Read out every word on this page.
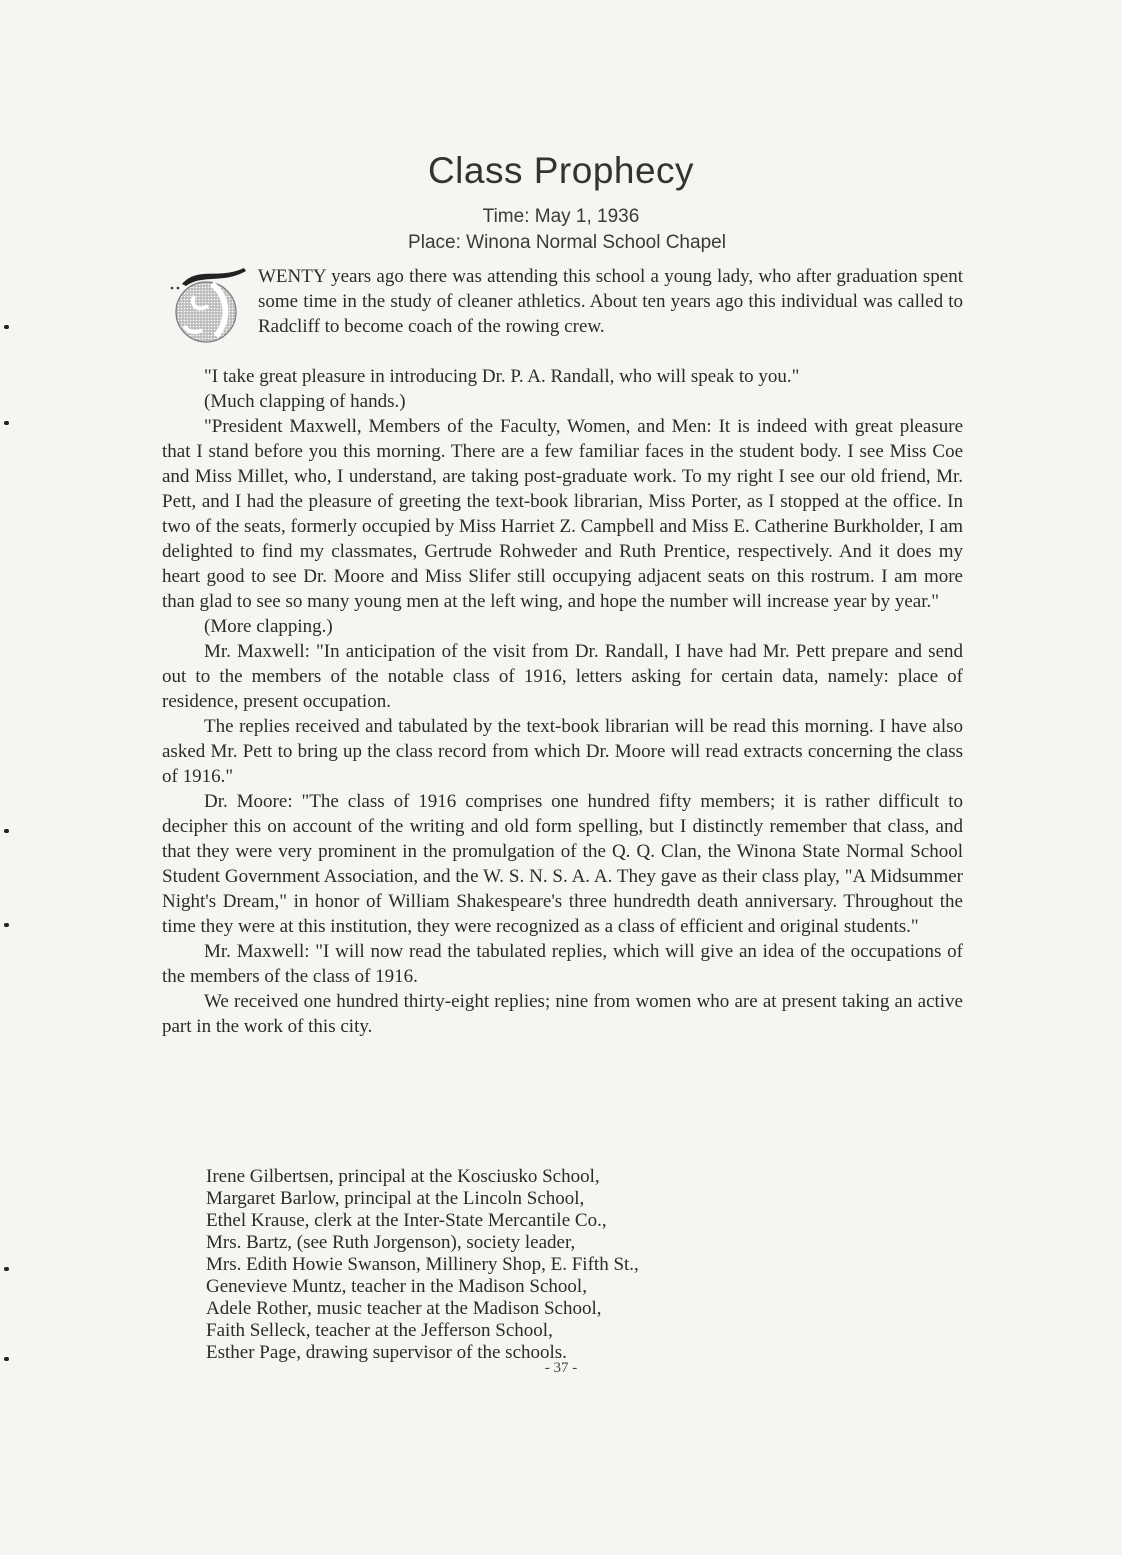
Class Prophecy
Time: May 1, 1936
Place: Winona Normal School Chapel
WENTY years ago there was attending this school a young lady, who after graduation spent some time in the study of cleaner athletics. About ten years ago this individual was called to Radcliff to become coach of the rowing crew.

"I take great pleasure in introducing Dr. P. A. Randall, who will speak to you."

(Much clapping of hands.)

"President Maxwell, Members of the Faculty, Women, and Men: It is indeed with great pleasure that I stand before you this morning. There are a few familiar faces in the student body. I see Miss Coe and Miss Millet, who, I understand, are taking post-graduate work. To my right I see our old friend, Mr. Pett, and I had the pleasure of greeting the text-book librarian, Miss Porter, as I stopped at the office. In two of the seats, formerly occupied by Miss Harriet Z. Campbell and Miss E. Catherine Burkholder, I am delighted to find my classmates, Gertrude Rohweder and Ruth Prentice, respectively. And it does my heart good to see Dr. Moore and Miss Slifer still occupying adjacent seats on this rostrum. I am more than glad to see so many young men at the left wing, and hope the number will increase year by year."

(More clapping.)

Mr. Maxwell: "In anticipation of the visit from Dr. Randall, I have had Mr. Pett prepare and send out to the members of the notable class of 1916, letters asking for certain data, namely: place of residence, present occupation.

The replies received and tabulated by the text-book librarian will be read this morning. I have also asked Mr. Pett to bring up the class record from which Dr. Moore will read extracts concerning the class of 1916."

Dr. Moore: "The class of 1916 comprises one hundred fifty members; it is rather difficult to decipher this on account of the writing and old form spelling, but I distinctly remember that class, and that they were very prominent in the promulgation of the Q. Q. Clan, the Winona State Normal School Student Government Association, and the W. S. N. S. A. A. They gave as their class play, "A Midsummer Night's Dream," in honor of William Shakespeare's three hundredth death anniversary. Throughout the time they were at this institution, they were recognized as a class of efficient and original students."

Mr. Maxwell: "I will now read the tabulated replies, which will give an idea of the occupations of the members of the class of 1916.

We received one hundred thirty-eight replies; nine from women who are at present taking an active part in the work of this city.

Irene Gilbertsen, principal at the Kosciusko School,
Margaret Barlow, principal at the Lincoln School,
Ethel Krause, clerk at the Inter-State Mercantile Co.,
Mrs. Bartz, (see Ruth Jorgenson), society leader,
Mrs. Edith Howie Swanson, Millinery Shop, E. Fifth St.,
Genevieve Muntz, teacher in the Madison School,
Adele Rother, music teacher at the Madison School,
Faith Selleck, teacher at the Jefferson School,
Esther Page, drawing supervisor of the schools.
- 37 -
